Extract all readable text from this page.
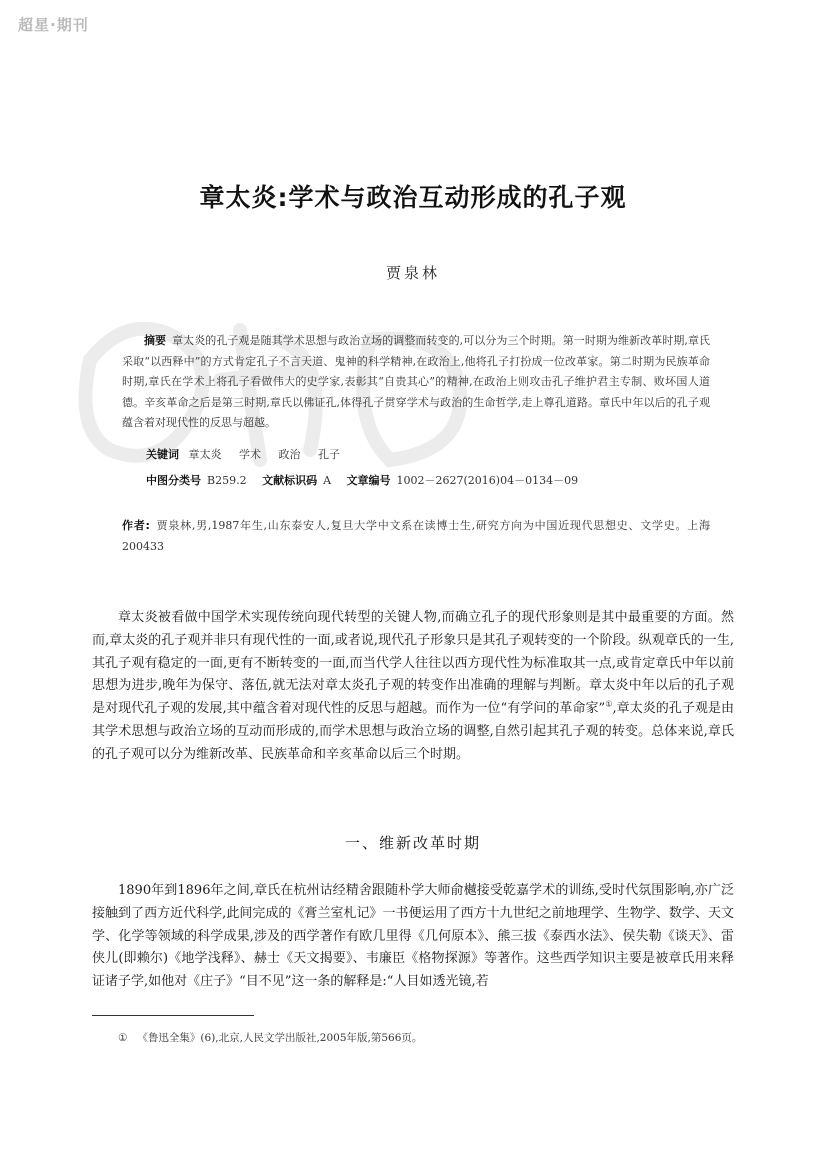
超星·期刊
章太炎:学术与政治互动形成的孔子观
贾泉林
摘要 章太炎的孔子观是随其学术思想与政治立场的调整而转变的,可以分为三个时期。第一时期为维新改革时期,章氏采取“以西释中”的方式肯定孔子不言天道、鬼神的科学精神,在政治上,他将孔子打扮成一位改革家。第二时期为民族革命时期,章氏在学术上将孔子看做伟大的史学家,表彰其“自贵其心”的精神,在政治上则攻击孔子维护君主专制、败坏国人道德。辛亥革命之后是第三时期,章氏以佛证孔,体得孔子贯穿学术与政治的生命哲学,走上尊孔道路。章氏中年以后的孔子观蕴含着对现代性的反思与超越。
关键词 章太炎 学术 政治 孔子
中图分类号 B259.2 文献标识码 A 文章编号 1002－2627(2016)04－0134－09
作者: 贾泉林,男,1987年生,山东泰安人,复旦大学中文系在读博士生,研究方向为中国近现代思想史、文学史。上海　200433
章太炎被看做中国学术实现传统向现代转型的关键人物,而确立孔子的现代形象则是其中最重要的方面。然而,章太炎的孔子观并非只有现代性的一面,或者说,现代孔子形象只是其孔子观转变的一个阶段。纵观章氏的一生,其孔子观有稳定的一面,更有不断转变的一面,而当代学人往往以西方现代性为标准取其一点,或肯定章氏中年以前思想为进步,晚年为保守、落伍,就无法对章太炎孔子观的转变作出准确的理解与判断。章太炎中年以后的孔子观是对现代孔子观的发展,其中蕴含着对现代性的反思与超越。而作为一位“有学问的革命家”①,章太炎的孔子观是由其学术思想与政治立场的互动而形成的,而学术思想与政治立场的调整,自然引起其孔子观的转变。总体来说,章氏的孔子观可以分为维新改革、民族革命和辛亥革命以后三个时期。
一、维新改革时期
1890年到1896年之间,章氏在杭州诂经精舍跟随朴学大师俞樾接受乾嘉学术的训练,受时代氛围影响,亦广泛接触到了西方近代科学,此间完成的《膏兰室札记》一书便运用了西方十九世纪之前地理学、生物学、数学、天文学、化学等领域的科学成果,涉及的西学著作有欧几里得《几何原本》、熊三拔《泰西水法》、侯失勒《谈天》、雷侠儿(即赖尔)《地学浅释》、赫士《天文揭要》、韦廉臣《格物探源》等著作。这些西学知识主要是被章氏用来释证诸子学,如他对《庄子》“目不见”这一条的解释是:“人目如透光镜,若
① 《鲁迅全集》(6),北京,人民文学出版社,2005年版,第566页。
